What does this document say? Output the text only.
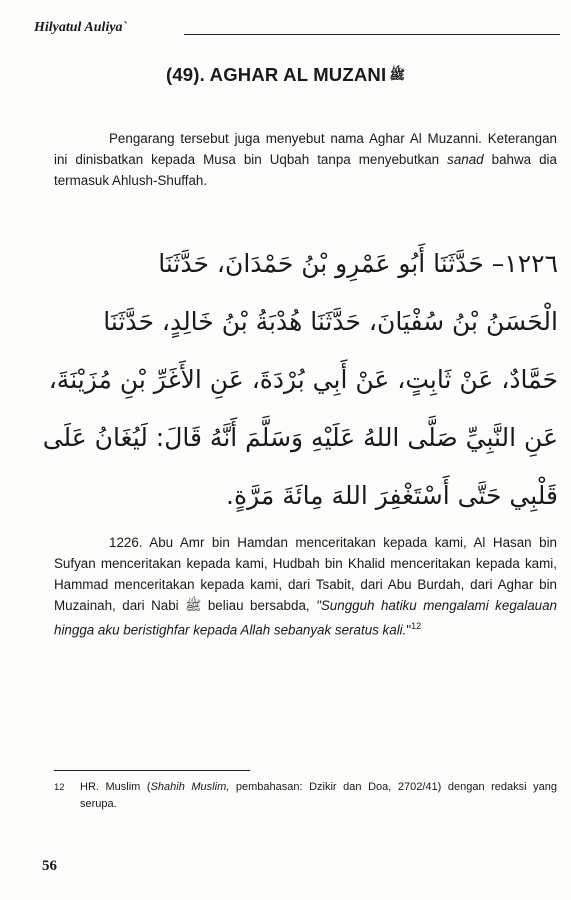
Hilyatul Auliya`
(49). AGHAR AL MUZANI ﷺ
Pengarang tersebut juga menyebut nama Aghar Al Muzanni. Keterangan ini dinisbatkan kepada Musa bin Uqbah tanpa menyebutkan sanad bahwa dia termasuk Ahlush-Shuffah.
١٢٢٦– حَدَّثَنَا أَبُو عَمْرِو بْنُ حَمْدَانَ، حَدَّثَنَا
الْحَسَنُ بْنُ سُفْيَانَ، حَدَّثَنَا هُدْبَةُ بْنُ خَالِدٍ، حَدَّثَنَا
حَمَّادٌ، عَنْ ثَابِتٍ، عَنْ أَبِي بُرْدَةَ، عَنِ الأَغَرِّ بْنِ مُزَيْنَةَ،
عَنِ النَّبِيِّ صَلَّى اللهُ عَلَيْهِ وَسَلَّمَ أَنَّهُ قَالَ: لَيُغَانُ عَلَى
قَلْبِي حَتَّى أَسْتَغْفِرَ اللهَ مِائَةَ مَرَّةٍ.
1226. Abu Amr bin Hamdan menceritakan kepada kami, Al Hasan bin Sufyan menceritakan kepada kami, Hudbah bin Khalid menceritakan kepada kami, Hammad menceritakan kepada kami, dari Tsabit, dari Abu Burdah, dari Aghar bin Muzainah, dari Nabi ﷺ beliau bersabda, "Sungguh hatiku mengalami kegalauan hingga aku beristighfar kepada Allah sebanyak seratus kali."$^{12}$
12 HR. Muslim (Shahih Muslim, pembahasan: Dzikir dan Doa, 2702/41) dengan redaksi yang serupa.
56
